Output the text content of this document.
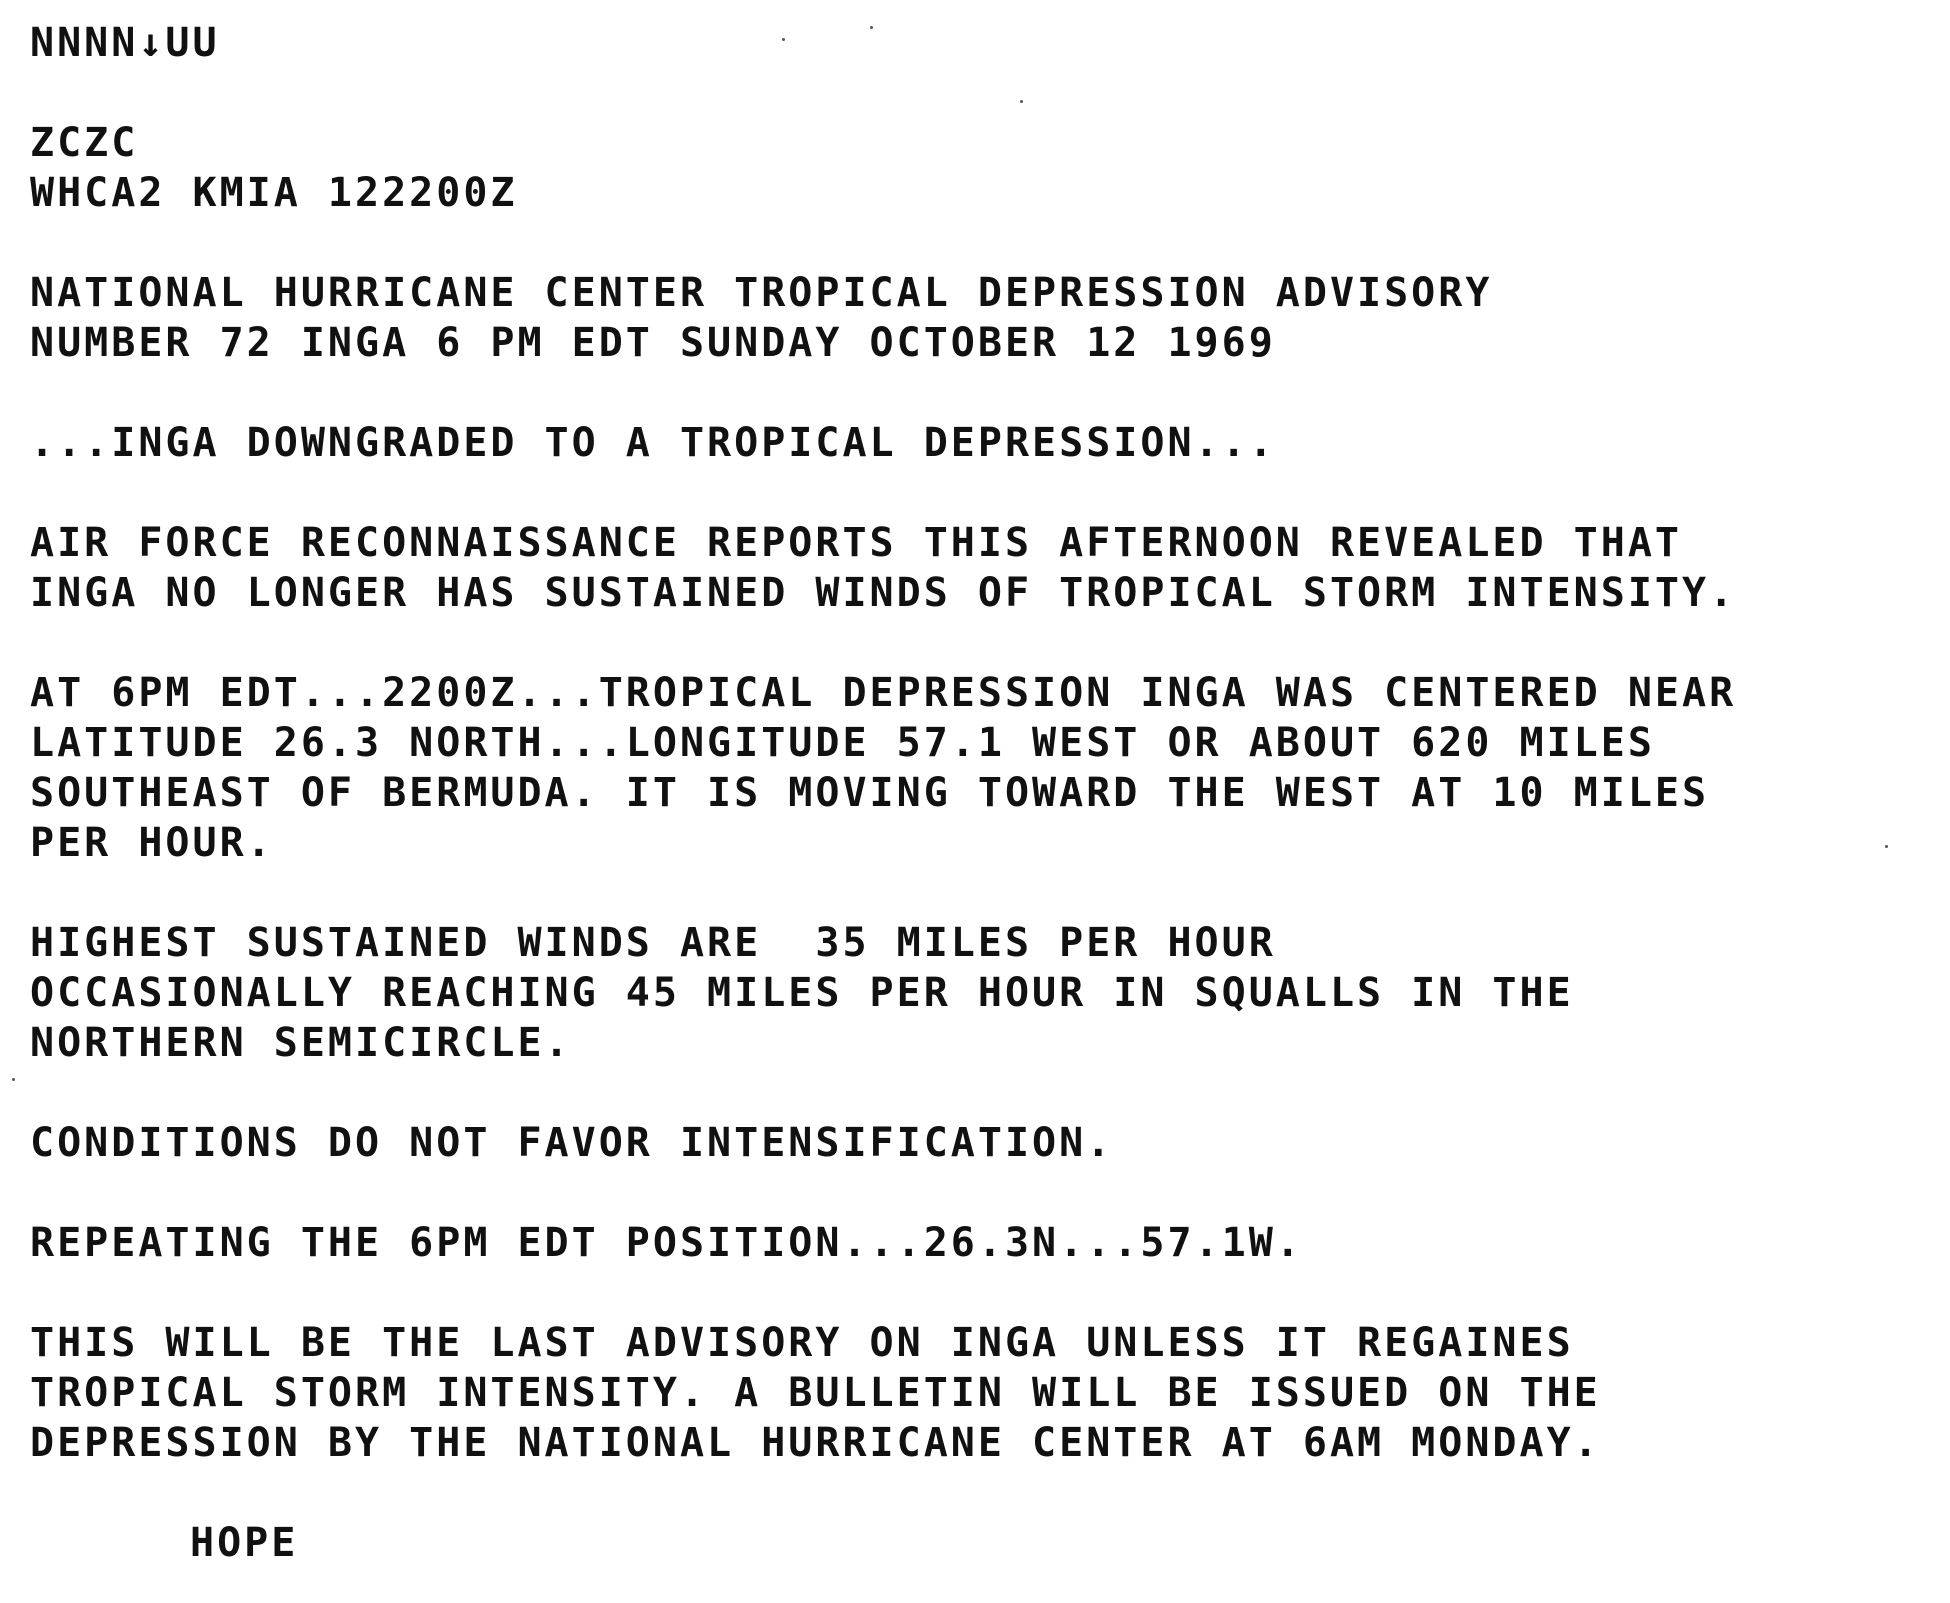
NNNN↓UU
ZCZC
WHCA2 KMIA 122200Z
NATIONAL HURRICANE CENTER TROPICAL DEPRESSION ADVISORY
NUMBER 72 INGA 6 PM EDT SUNDAY OCTOBER 12 1969
...INGA DOWNGRADED TO A TROPICAL DEPRESSION...
AIR FORCE RECONNAISSANCE REPORTS THIS AFTERNOON REVEALED THAT
INGA NO LONGER HAS SUSTAINED WINDS OF TROPICAL STORM INTENSITY.
AT 6PM EDT...2200Z...TROPICAL DEPRESSION INGA WAS CENTERED NEAR
LATITUDE 26.3 NORTH...LONGITUDE 57.1 WEST OR ABOUT 620 MILES
SOUTHEAST OF BERMUDA. IT IS MOVING TOWARD THE WEST AT 10 MILES
PER HOUR.
HIGHEST SUSTAINED WINDS ARE  35 MILES PER HOUR
OCCASIONALLY REACHING 45 MILES PER HOUR IN SQUALLS IN THE
NORTHERN SEMICIRCLE.
CONDITIONS DO NOT FAVOR INTENSIFICATION.
REPEATING THE 6PM EDT POSITION...26.3N...57.1W.
THIS WILL BE THE LAST ADVISORY ON INGA UNLESS IT REGAINES
TROPICAL STORM INTENSITY. A BULLETIN WILL BE ISSUED ON THE
DEPRESSION BY THE NATIONAL HURRICANE CENTER AT 6AM MONDAY.
HOPE
